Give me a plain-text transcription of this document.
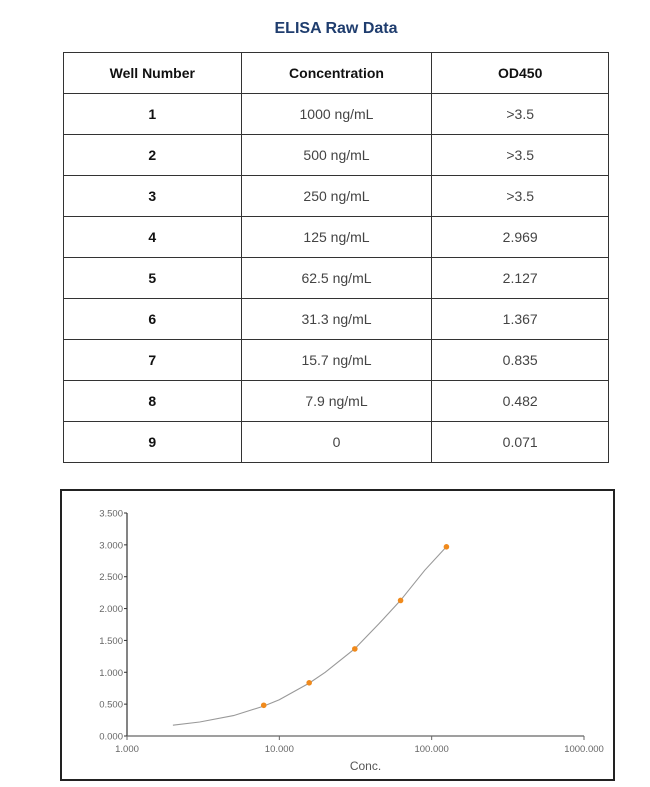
ELISA Raw Data
Well Number	Concentration	OD450
1	1000 ng/mL	>3.5
2	500 ng/mL	>3.5
3	250 ng/mL	>3.5
4	125 ng/mL	2.969
5	62.5 ng/mL	2.127
6	31.3 ng/mL	1.367
7	15.7 ng/mL	0.835
8	7.9 ng/mL	0.482
9	0	0.071
0.000
0.500
1.000
1.500
2.000
2.500
3.000
3.500
1.000	10.000	100.000	1000.000
Conc.
